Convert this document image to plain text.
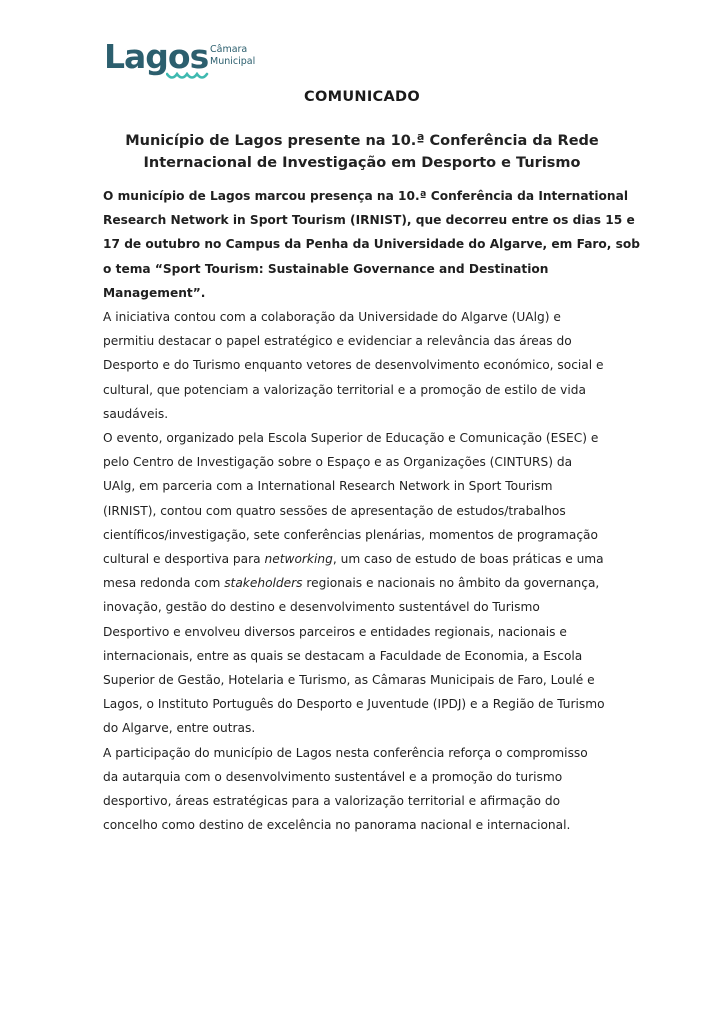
Lagos Câmara
Municipal
COMUNICADO
Município de Lagos presente na 10.ª Conferência da Rede
Internacional de Investigação em Desporto e Turismo

O município de Lagos marcou presença na 10.ª Conferência da International
Research Network in Sport Tourism (IRNIST), que decorreu entre os dias 15 e
17 de outubro no Campus da Penha da Universidade do Algarve, em Faro, sob
o tema “Sport Tourism: Sustainable Governance and Destination
Management”.

A iniciativa contou com a colaboração da Universidade do Algarve (UAlg) e
permitiu destacar o papel estratégico e evidenciar a relevância das áreas do
Desporto e do Turismo enquanto vetores de desenvolvimento económico, social e
cultural, que potenciam a valorização territorial e a promoção de estilo de vida
saudáveis.

O evento, organizado pela Escola Superior de Educação e Comunicação (ESEC) e
pelo Centro de Investigação sobre o Espaço e as Organizações (CINTURS) da
UAlg, em parceria com a International Research Network in Sport Tourism
(IRNIST), contou com quatro sessões de apresentação de estudos/trabalhos
científicos/investigação, sete conferências plenárias, momentos de programação
cultural e desportiva para networking, um caso de estudo de boas práticas e uma
mesa redonda com stakeholders regionais e nacionais no âmbito da governança,
inovação, gestão do destino e desenvolvimento sustentável do Turismo
Desportivo e envolveu diversos parceiros e entidades regionais, nacionais e
internacionais, entre as quais se destacam a Faculdade de Economia, a Escola
Superior de Gestão, Hotelaria e Turismo, as Câmaras Municipais de Faro, Loulé e
Lagos, o Instituto Português do Desporto e Juventude (IPDJ) e a Região de Turismo
do Algarve, entre outras.

A participação do município de Lagos nesta conferência reforça o compromisso
da autarquia com o desenvolvimento sustentável e a promoção do turismo
desportivo, áreas estratégicas para a valorização territorial e afirmação do
concelho como destino de excelência no panorama nacional e internacional.
